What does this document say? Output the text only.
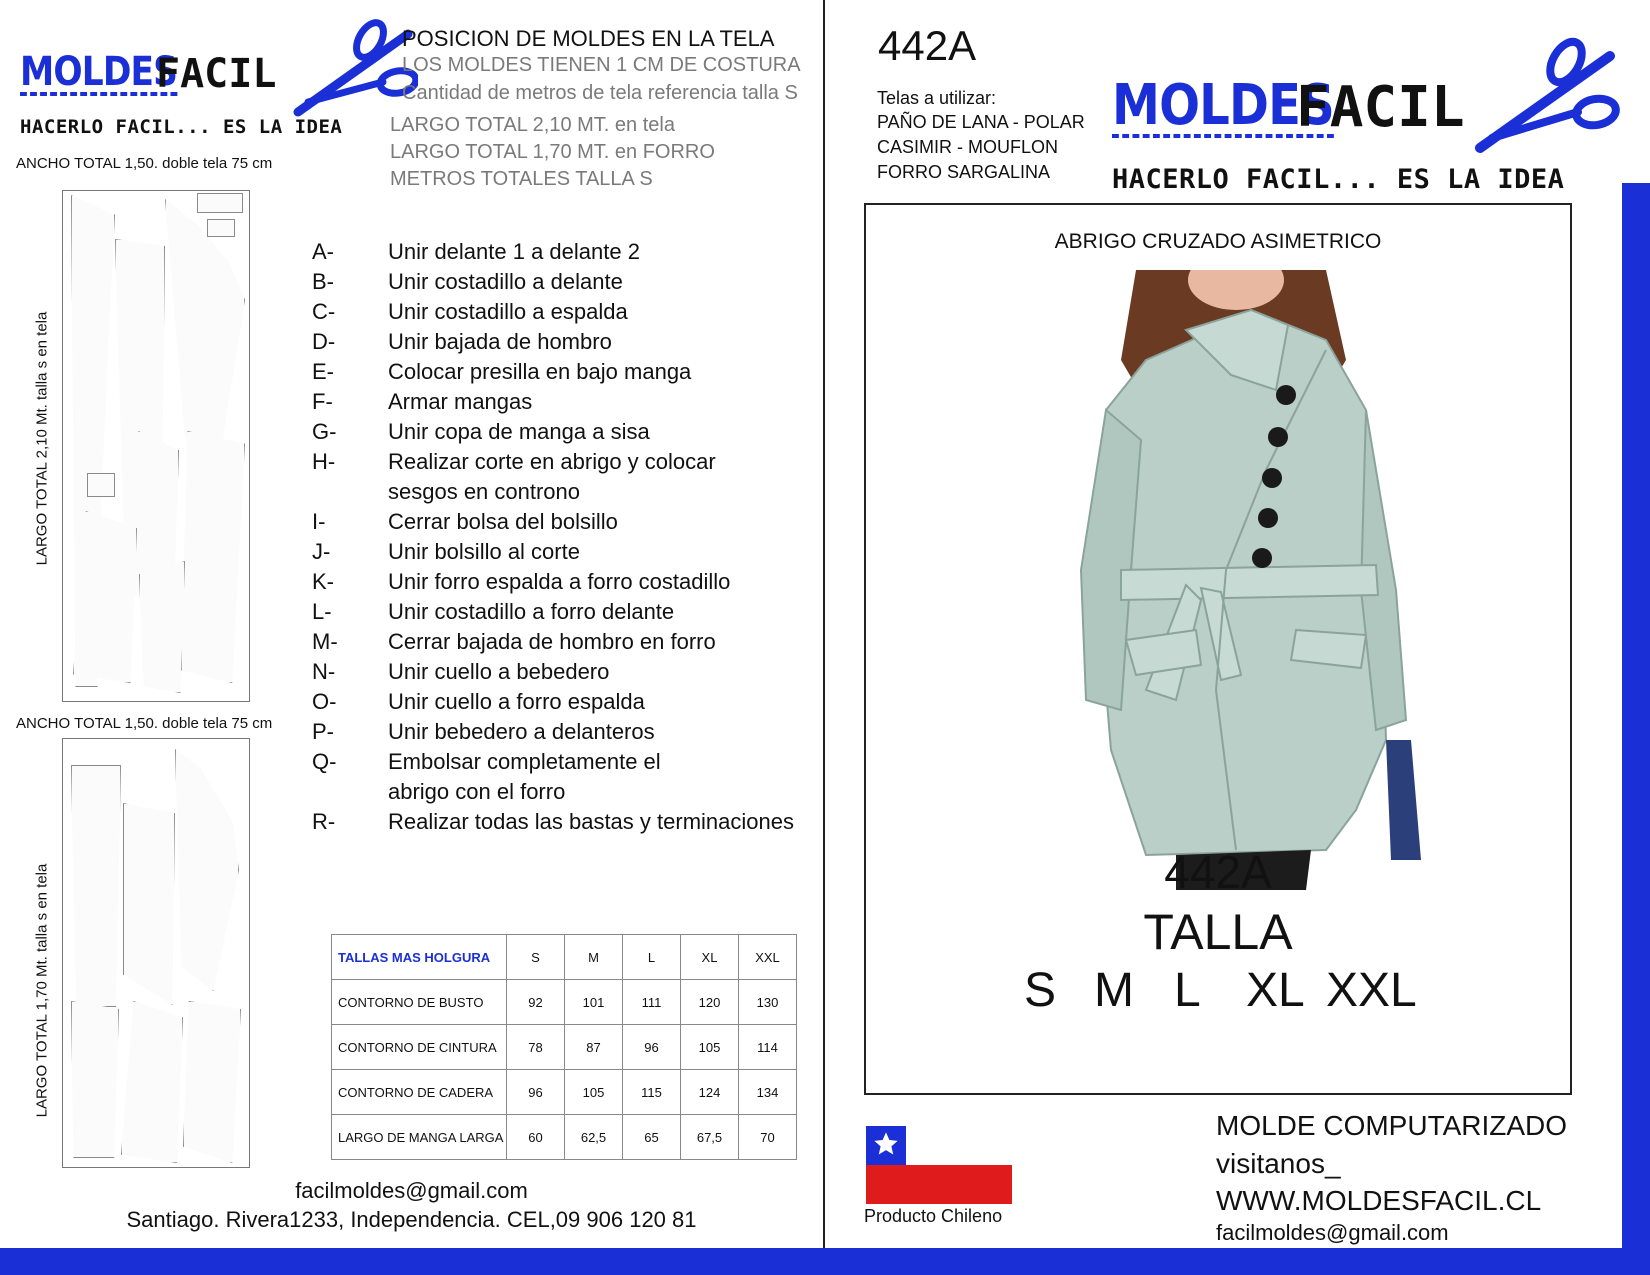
MOLDES
FACIL
HACERLO FACIL... ES LA IDEA
POSICION DE MOLDES EN LA TELA
LOS MOLDES TIENEN 1 CM DE COSTURA
Cantidad de metros de tela referencia talla S
LARGO TOTAL 2,10 MT. en tela
LARGO TOTAL 1,70 MT. en FORRO
METROS TOTALES TALLA S
ANCHO TOTAL 1,50. doble tela 75 cm
LARGO TOTAL 2,10 Mt. talla s en tela
ANCHO TOTAL 1,50. doble tela 75 cm
LARGO TOTAL 1,70 Mt. talla s en tela
A- Unir delante 1 a delante 2
B- Unir costadillo a delante
C- Unir costadillo a espalda
D- Unir bajada de hombro
E- Colocar presilla en bajo manga
F-	Armar mangas
G- Unir copa de manga a sisa
H- Realizar corte en abrigo y colocar
sesgos en controno
I-	Cerrar bolsa del bolsillo
J-	Unir bolsillo al corte
K- Unir forro espalda a forro costadillo
L-	Unir costadillo a forro delante
M- Cerrar bajada de hombro en forro
N- Unir cuello a bebedero
O- Unir cuello a forro espalda
P- Unir bebedero a delanteros
Q- Embolsar completamente el
abrigo con el forro
R- Realizar todas las bastas y terminaciones
TALLAS MAS HOLGURA	S	M	L	XL	XXL
CONTORNO DE BUSTO	92	101	111	120	130
CONTORNO DE CINTURA	78	87	96	105	114
CONTORNO DE CADERA	96	105	115	124	134
LARGO DE MANGA LARGA	60	62,5	65	67,5	70
facilmoldes@gmail.com
Santiago. Rivera1233, Independencia. CEL,09 906 120 81
442A
Telas a utilizar:
PAÑO DE LANA - POLAR
CASIMIR - MOUFLON
FORRO SARGALINA
MOLDES
FACIL
HACERLO FACIL... ES LA IDEA
ABRIGO CRUZADO ASIMETRICO
442A
TALLA
S M L XL XXL
Producto Chileno
MOLDE COMPUTARIZADO
visitanos_
WWW.MOLDESFACIL.CL
facilmoldes@gmail.com
